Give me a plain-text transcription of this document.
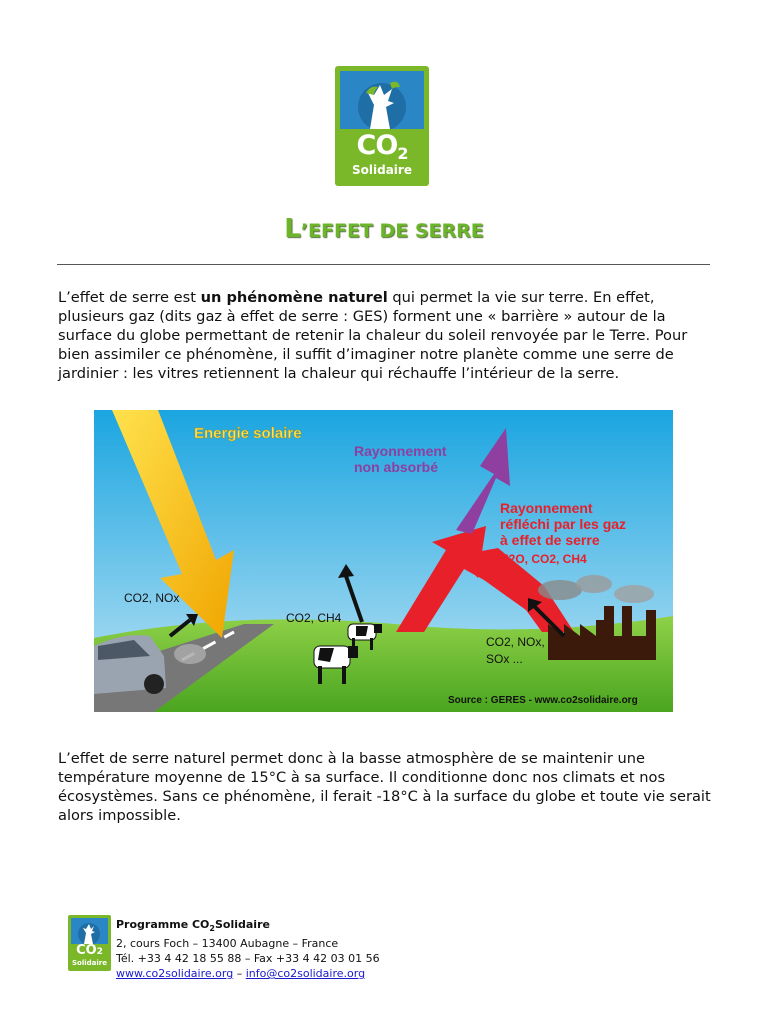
CO2
Solidaire
L’EFFET DE SERRE
L’effet de serre est un phénomène naturel qui permet la vie sur terre. En effet, plusieurs gaz (dits gaz à effet de serre : GES) forment une « barrière » autour de la surface du globe permettant de retenir la chaleur du soleil renvoyée par le Terre. Pour bien assimiler ce phénomène, il suffit d’imaginer notre planète comme une serre de jardinier : les vitres retiennent la chaleur qui réchauffe l’intérieur de la serre.
Energie solaire
Rayonnement
non absorbé
Rayonnement
réfléchi par les gaz
à effet de serre
H2O, CO2, CH4
CO2, NOx
CO2, CH4
CO2, NOx,
SOx ...
Source : GERES - www.co2solidaire.org
L’effet de serre naturel permet donc à la basse atmosphère de se maintenir une température moyenne de 15°C à sa surface. Il conditionne donc nos climats et nos écosystèmes. Sans ce phénomène, il ferait -18°C à la surface du globe et toute vie serait alors impossible.
CO2
Solidaire
Programme $CO_2Solidaire$
2, cours Foch – 13400 Aubagne – France
Tél. +33 4 42 18 55 88 – Fax +33 4 42 03 01 56
www.co2solidaire.org – info@co2solidaire.org
